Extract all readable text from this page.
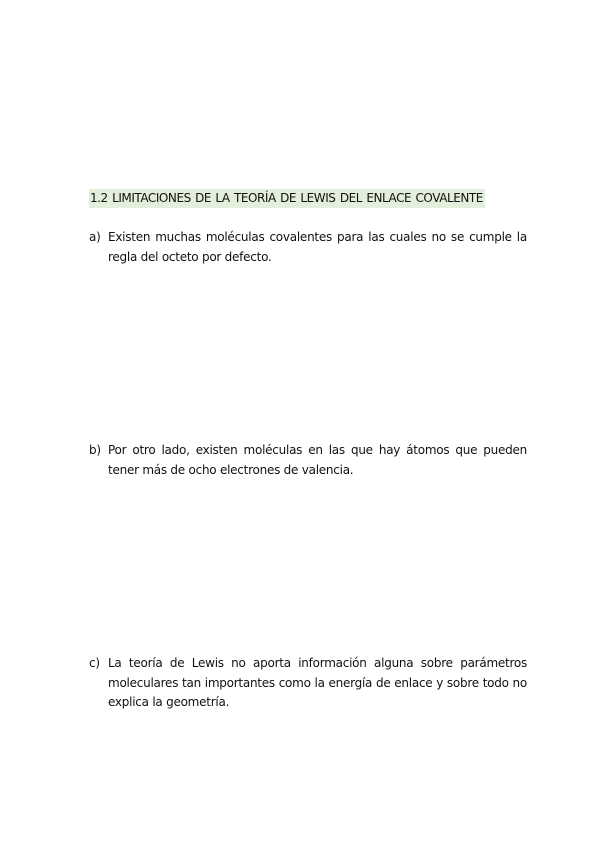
1.2 LIMITACIONES DE LA TEORÍA DE LEWIS DEL ENLACE COVALENTE
a) Existen muchas moléculas covalentes para las cuales no se cumple la regla del octeto por defecto.
b) Por otro lado, existen moléculas en las que hay átomos que pueden tener más de ocho electrones de valencia.
c) La teoría de Lewis no aporta información alguna sobre parámetros moleculares tan importantes como la energía de enlace y sobre todo no explica la geometría.
